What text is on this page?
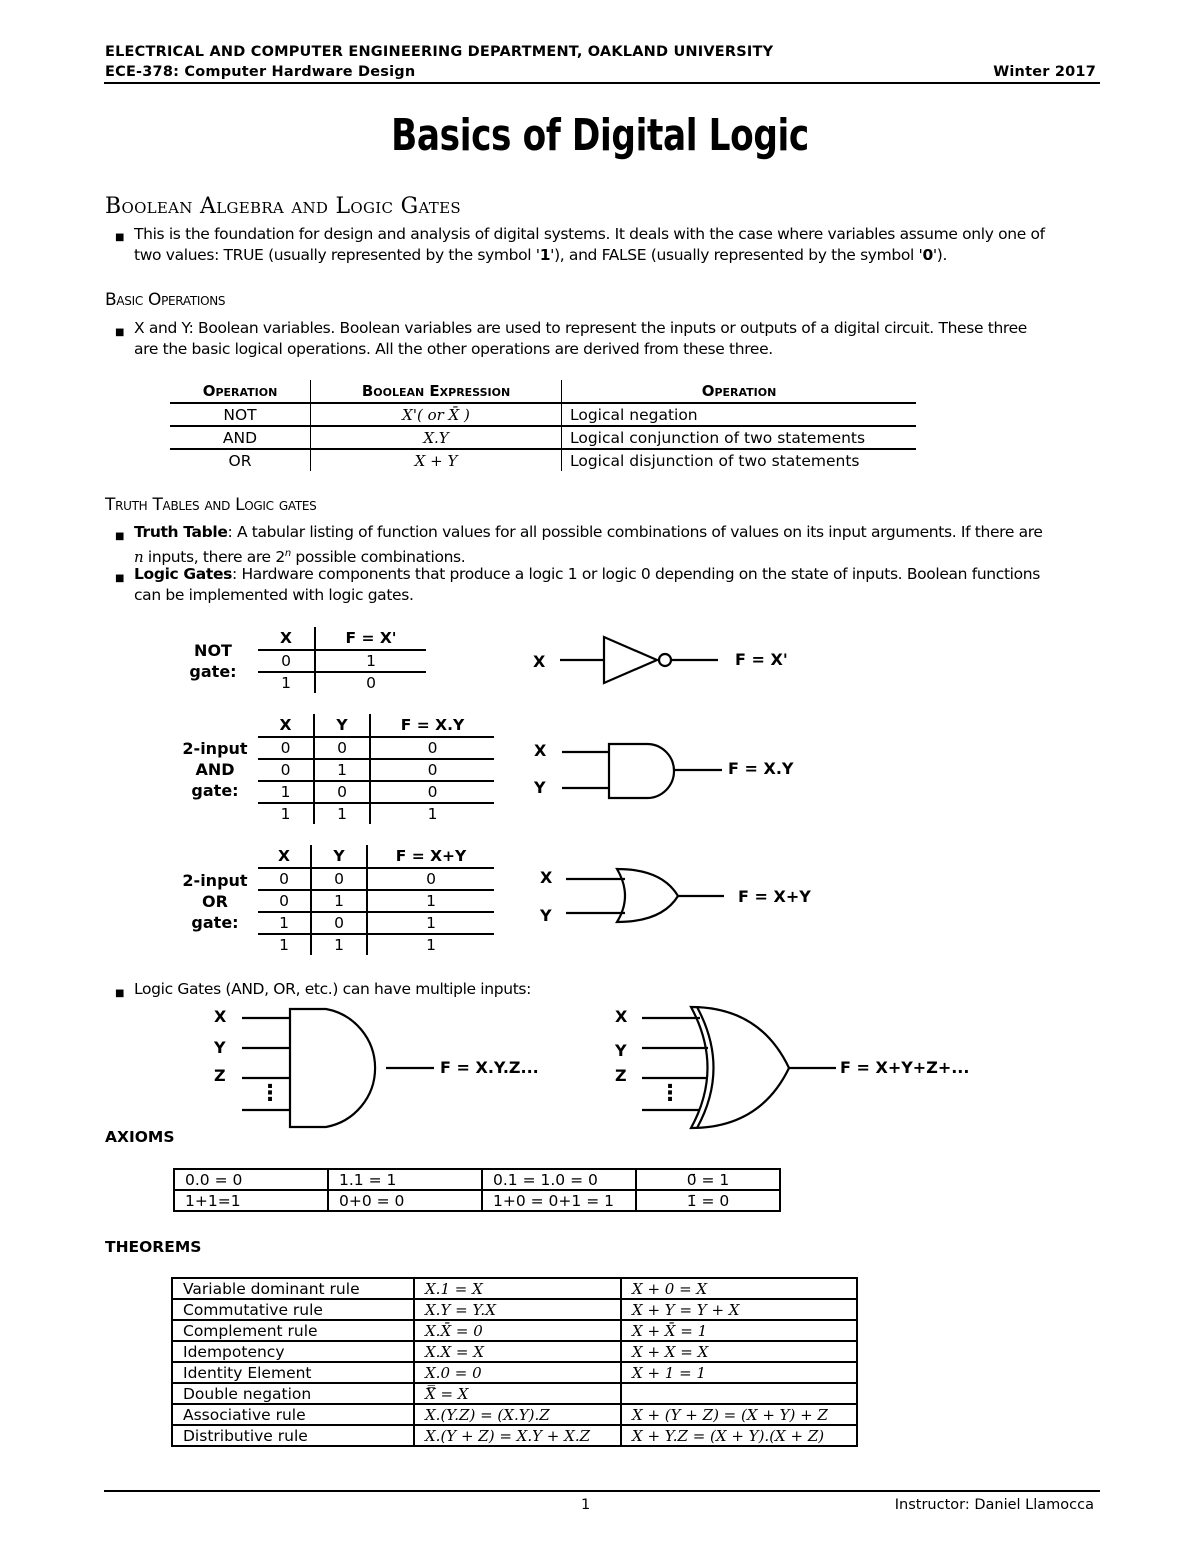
ELECTRICAL AND COMPUTER ENGINEERING DEPARTMENT, OAKLAND UNIVERSITY
ECE-378: Computer Hardware Design	Winter 2017
Basics of Digital Logic
Boolean Algebra and Logic Gates
■ This is the foundation for design and analysis of digital systems. It deals with the case where variables assume only one of
two values: TRUE (usually represented by the symbol '1'), and FALSE (usually represented by the symbol '0').
Basic Operations
■ X and Y: Boolean variables. Boolean variables are used to represent the inputs or outputs of a digital circuit. These three
are the basic logical operations. All the other operations are derived from these three.
Operation	Boolean Expression	Operation
NOT	X'( or X̄ )	Logical negation
AND	X.Y	Logical conjunction of two statements
OR	X + Y	Logical disjunction of two statements
Truth Tables and Logic gates
■ Truth Table: A tabular listing of function values for all possible combinations of values on its input arguments. If there are
n inputs, there are 2$^n$ possible combinations.
■ Logic Gates: Hardware components that produce a logic 1 or logic 0 depending on the state of inputs. Boolean functions
can be implemented with logic gates.
NOT
gate:
X	F = X'
0	1
1	0
X	F = X'
2-input
AND
gate:
X	Y	F = X.Y
0	0	0
0	1	0
1	0	0
1	1	1
X
Y
F = X.Y
2-input
OR
gate:
X	Y	F = X+Y
0	0	0
0	1	1
1	0	1
1	1	1
X
Y
F = X+Y
■ Logic Gates (AND, OR, etc.) can have multiple inputs:
X
Y
Z
⋮
F = X.Y.Z...
X
Y
Z
⋮
F = X+Y+Z+...
AXIOMS
0.0 = 0	1.1 = 1	0.1 = 1.0 = 0	0̄ = 1
1+1=1	0+0 = 0	1+0 = 0+1 = 1	1̄ = 0
THEOREMS
Variable dominant rule	X.1 = X	X + 0 = X
Commutative rule	X.Y = Y.X	X + Y = Y + X
Complement rule	X.X̄ = 0	X + X̄ = 1
Idempotency	X.X = X	X + X = X
Identity Element	X.0 = 0	X + 1 = 1
Double negation	X̿ = X	
Associative rule	X.(Y.Z) = (X.Y).Z	X + (Y + Z) = (X + Y) + Z
Distributive rule	X.(Y + Z) = X.Y + X.Z	X + Y.Z = (X + Y).(X + Z)
1	Instructor: Daniel Llamocca
